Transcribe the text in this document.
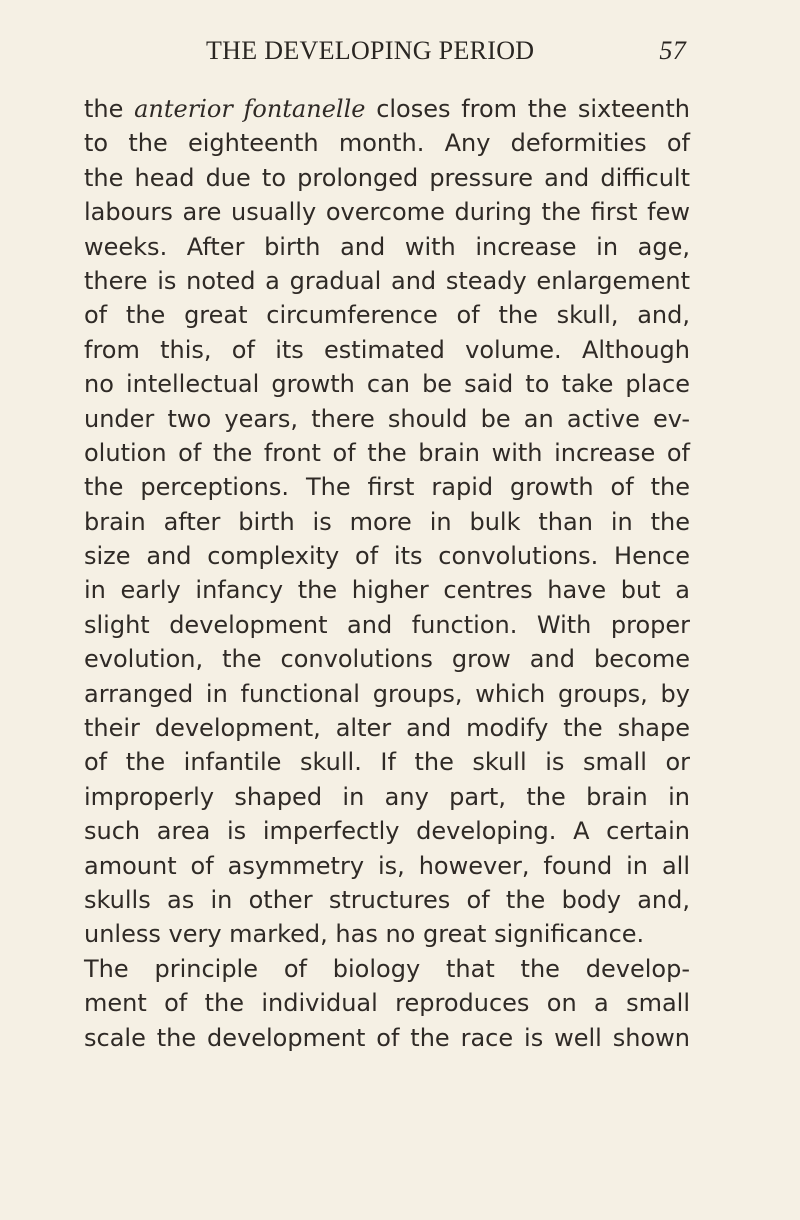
THE DEVELOPING PERIOD	57
the anterior fontanelle closes from the sixteenth
to the eighteenth month. Any deformities of
the head due to prolonged pressure and difficult
labours are usually overcome during the first few
weeks. After birth and with increase in age,
there is noted a gradual and steady enlargement
of the great circumference of the skull, and,
from this, of its estimated volume. Although
no intellectual growth can be said to take place
under two years, there should be an active ev-
olution of the front of the brain with increase of
the perceptions. The first rapid growth of the
brain after birth is more in bulk than in the
size and complexity of its convolutions. Hence
in early infancy the higher centres have but a
slight development and function. With proper
evolution, the convolutions grow and become
arranged in functional groups, which groups, by
their development, alter and modify the shape
of the infantile skull. If the skull is small or
improperly shaped in any part, the brain in
such area is imperfectly developing. A certain
amount of asymmetry is, however, found in all
skulls as in other structures of the body and,
unless very marked, has no great significance.
The principle of biology that the develop-
ment of the individual reproduces on a small
scale the development of the race is well shown
